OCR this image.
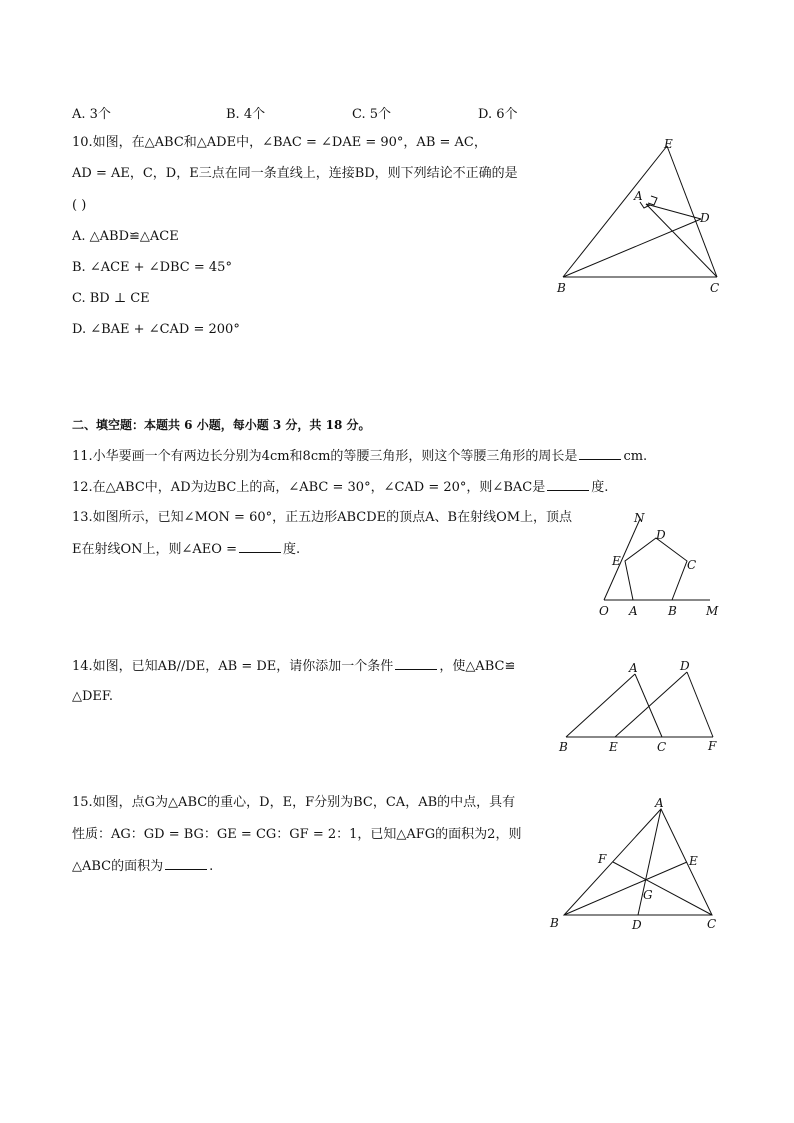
A. 3个	B. 4个	C. 5个	D. 6个
10.如图，在△ABC和△ADE中，∠BAC = ∠DAE = 90°，AB = AC，
AD = AE，C，D，E三点在同一条直线上，连接BD，则下列结论不正确的是
( )
A. △ABD≌△ACE
B. ∠ACE + ∠DBC = 45°
C. BD ⊥ CE
D. ∠BAE + ∠CAD = 200°
E
A
D
B	C
二、填空题：本题共 6 小题，每小题 3 分，共 18 分。
11.小华要画一个有两边长分别为4cm和8cm的等腰三角形，则这个等腰三角形的周长是	cm.
12.在△ABC中，AD为边BC上的高，∠ABC = 30°，∠CAD = 20°，则∠BAC是	度.
13.如图所示，已知∠MON = 60°，正五边形ABCDE的顶点A、B在射线OM上，顶点
E在射线ON上，则∠AEO =	度.
N
D
E	C
O A	B M
14.如图，已知AB//DE，AB = DE，请你添加一个条件	，使△ABC≌
△DEF.
A	D
B	E	C	F
15.如图，点G为△ABC的重心，D，E，F分别为BC，CA，AB的中点，具有
性质：AG：GD = BG：GE = CG：GF = 2：1，已知△AFG的面积为2，则
△ABC的面积为	.
A
F	E
G
B	D	C
